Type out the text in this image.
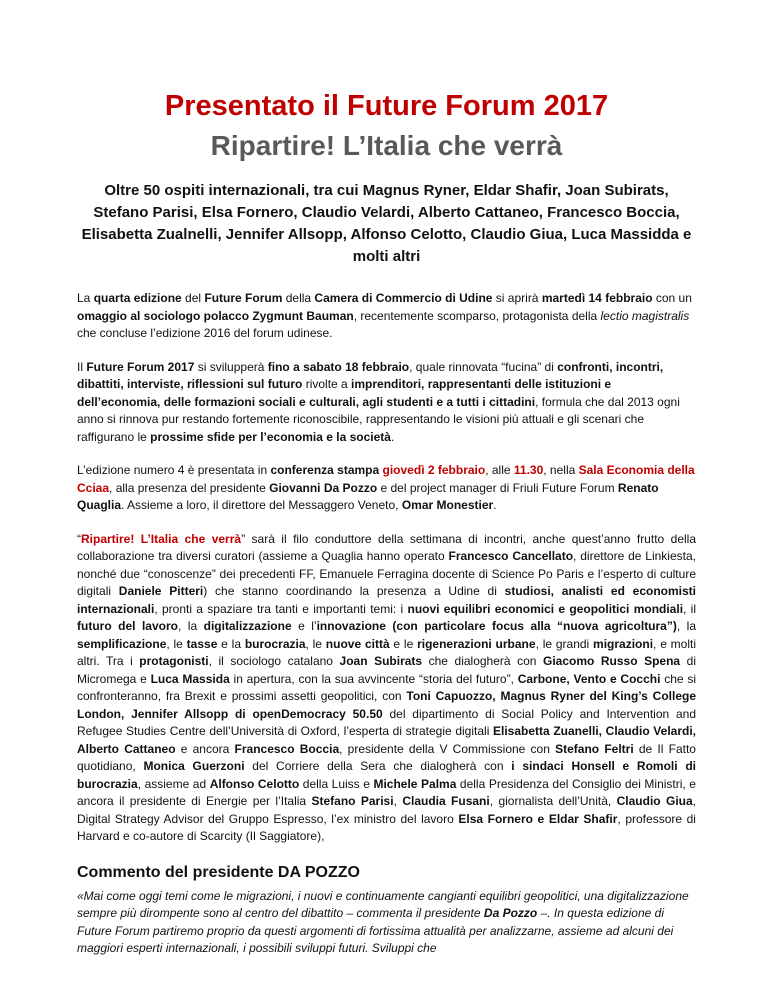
Presentato il Future Forum 2017
Ripartire! L’Italia che verrà

Oltre 50 ospiti internazionali, tra cui Magnus Ryner, Eldar Shafir, Joan Subirats, Stefano Parisi, Elsa Fornero, Claudio Velardi, Alberto Cattaneo, Francesco Boccia, Elisabetta Zualnelli, Jennifer Allsopp, Alfonso Celotto, Claudio Giua, Luca Massidda e molti altri

La quarta edizione del Future Forum della Camera di Commercio di Udine si aprirà martedì 14 febbraio con un omaggio al sociologo polacco Zygmunt Bauman, recentemente scomparso, protagonista della lectio magistralis che concluse l’edizione 2016 del forum udinese.

Il Future Forum 2017 si svilupperà fino a sabato 18 febbraio, quale rinnovata “fucina” di confronti, incontri, dibattiti, interviste, riflessioni sul futuro rivolte a imprenditori, rappresentanti delle istituzioni e dell’economia, delle formazioni sociali e culturali, agli studenti e a tutti i cittadini, formula che dal 2013 ogni anno si rinnova pur restando fortemente riconoscibile, rappresentando le visioni più attuali e gli scenari che raffigurano le prossime sfide per l’economia e la società.

L’edizione numero 4 è presentata in conferenza stampa giovedì 2 febbraio, alle 11.30, nella Sala Economia della Cciaa, alla presenza del presidente Giovanni Da Pozzo e del project manager di Friuli Future Forum Renato Quaglia. Assieme a loro, il direttore del Messaggero Veneto, Omar Monestier.

“Ripartire! L’Italia che verrà” sarà il filo conduttore della settimana di incontri, anche quest’anno frutto della collaborazione tra diversi curatori (assieme a Quaglia hanno operato Francesco Cancellato, direttore de Linkiesta, nonché due “conoscenze” dei precedenti FF, Emanuele Ferragina docente di Science Po Paris e l’esperto di culture digitali Daniele Pitteri) che stanno coordinando la presenza a Udine di studiosi, analisti ed economisti internazionali, pronti a spaziare tra tanti e importanti temi: i nuovi equilibri economici e geopolitici mondiali, il futuro del lavoro, la digitalizzazione e l’innovazione (con particolare focus alla “nuova agricoltura”), la semplificazione, le tasse e la burocrazia, le nuove città e le rigenerazioni urbane, le grandi migrazioni, e molti altri. Tra i protagonisti, il sociologo catalano Joan Subirats che dialogherà con Giacomo Russo Spena di Micromega e Luca Massida in apertura, con la sua avvincente “storia del futuro”, Carbone, Vento e Cocchi che si confronteranno, fra Brexit e prossimi assetti geopolitici, con Toni Capuozzo, Magnus Ryner del King’s College London, Jennifer Allsopp di openDemocracy 50.50 del dipartimento di Social Policy and Intervention and Refugee Studies Centre dell’Università di Oxford, l’esperta di strategie digitali Elisabetta Zuanelli, Claudio Velardi, Alberto Cattaneo e ancora Francesco Boccia, presidente della V Commissione con Stefano Feltri de Il Fatto quotidiano, Monica Guerzoni del Corriere della Sera che dialogherà con i sindaci Honsell e Romoli di burocrazia, assieme ad Alfonso Celotto della Luiss e Michele Palma della Presidenza del Consiglio dei Ministri, e ancora il presidente di Energie per l’Italia Stefano Parisi, Claudia Fusani, giornalista dell’Unità, Claudio Giua, Digital Strategy Advisor del Gruppo Espresso, l’ex ministro del lavoro Elsa Fornero e Eldar Shafir, professore di Harvard e co-autore di Scarcity (Il Saggiatore),

Commento del presidente DA POZZO

«Mai come oggi temi come le migrazioni, i nuovi e continuamente cangianti equilibri geopolitici, una digitalizzazione sempre più dirompente sono al centro del dibattito – commenta il presidente Da Pozzo –. In questa edizione di Future Forum partiremo proprio da questi argomenti di fortissima attualità per analizzarne, assieme ad alcuni dei maggiori esperti internazionali, i possibili sviluppi futuri. Sviluppi che
